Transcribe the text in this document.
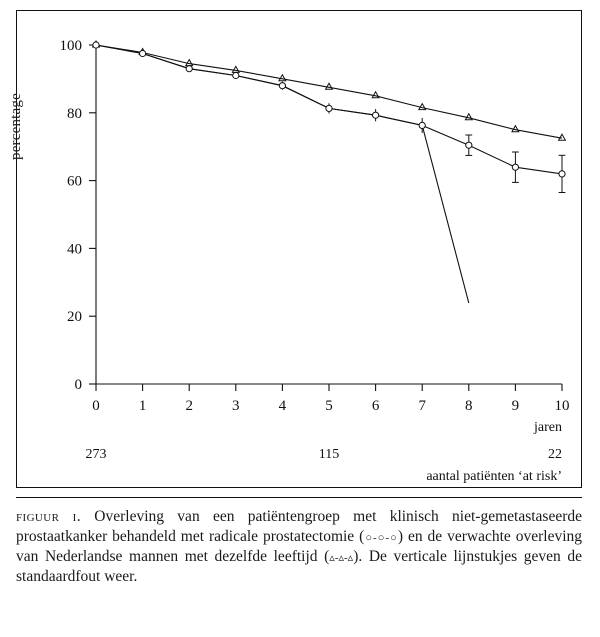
percentage
0
20
40
60
80
100
0	1	2	3	4	5	6	7	8	9 10
jaren
273	115	22
aantal patiënten ‘at risk’
figuur i. Overleving van een patiëntengroep met klinisch niet-gemetastaseerde prostaatkanker behandeld met radicale prostatectomie (○-○-○) en de verwachte overleving van Nederlandse mannen met dezelfde leeftijd (▵-▵-▵). De verticale lijnstukjes geven de standaardfout weer.
